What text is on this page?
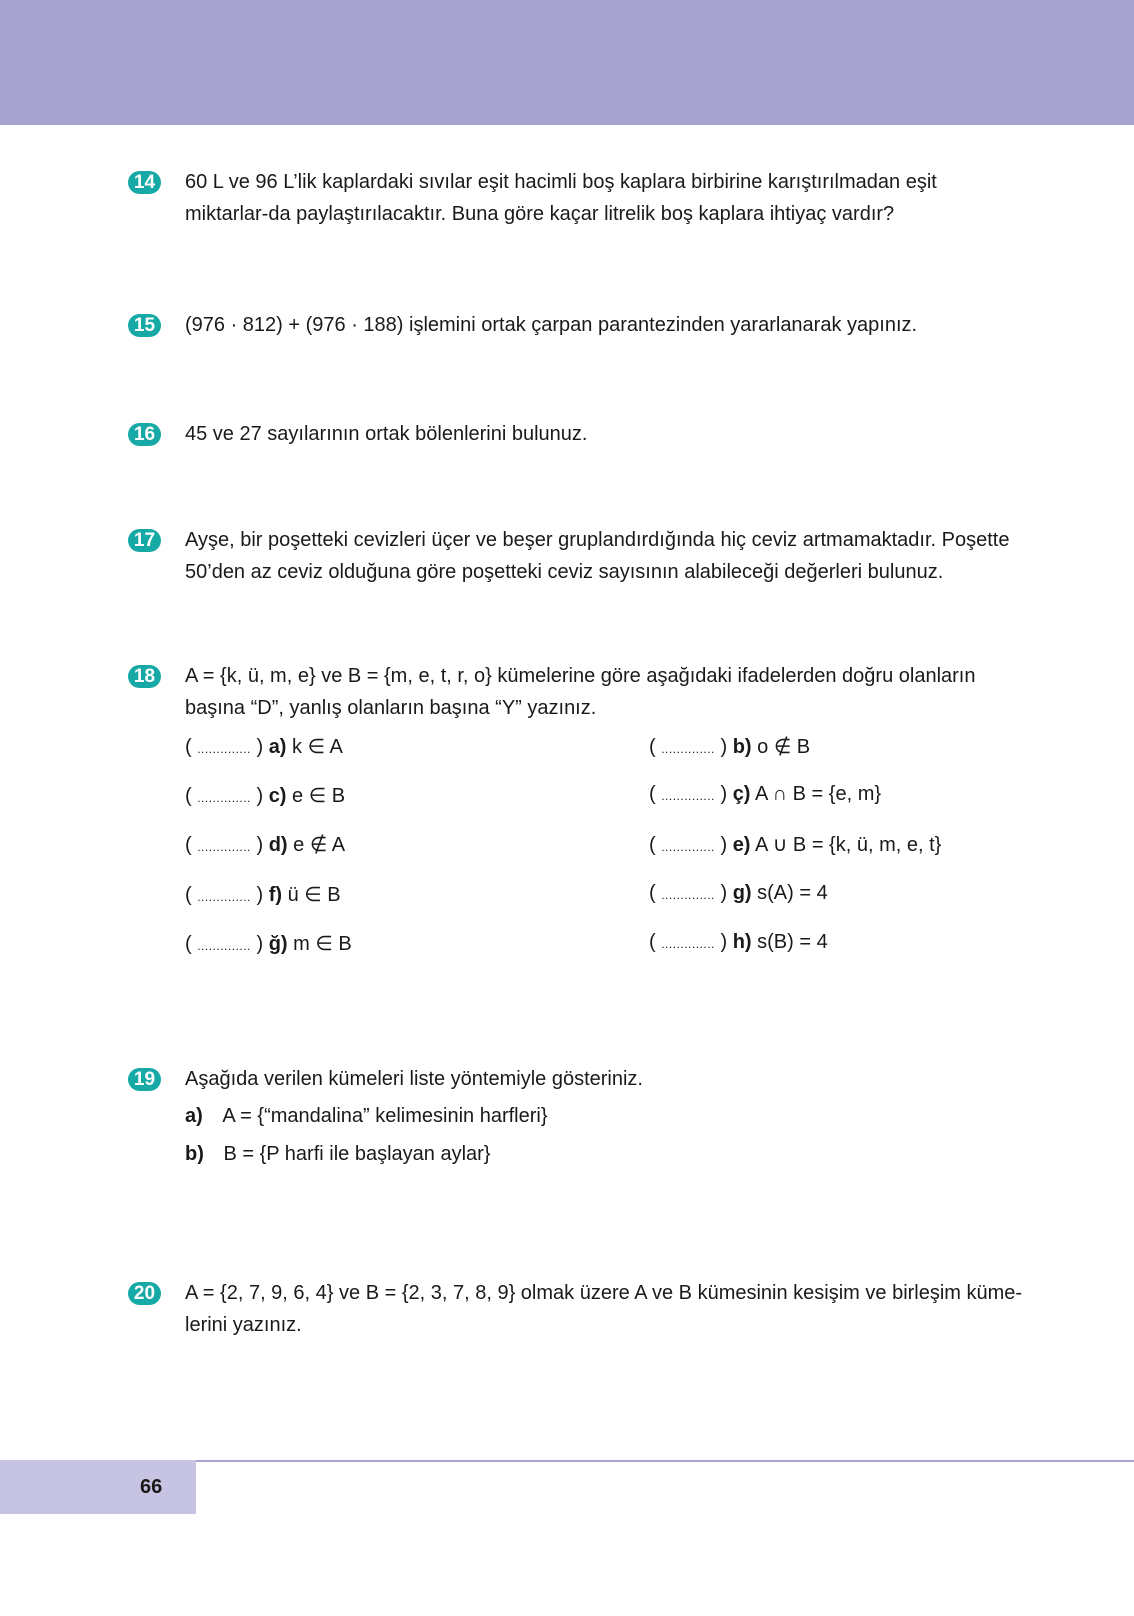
14 60 L ve 96 L’lik kaplardaki sıvılar eşit hacimli boş kaplara birbirine karıştırılmadan eşit miktarlar-da paylaştırılacaktır. Buna göre kaçar litrelik boş kaplara ihtiyaç vardır?
15 (976 · 812) + (976 · 188) işlemini ortak çarpan parantezinden yararlanarak yapınız.
16 45 ve 27 sayılarının ortak bölenlerini bulunuz.
17 Ayşe, bir poşetteki cevizleri üçer ve beşer gruplandırdığında hiç ceviz artmamaktadır. Poşette 50’den az ceviz olduğuna göre poşetteki ceviz sayısının alabileceği değerleri bulunuz.
18 A = {k, ü, m, e} ve B = {m, e, t, r, o} kümelerine göre aşağıdaki ifadelerden doğru olanların başına “D”, yanlış olanların başına “Y” yazınız.
( .............. ) a) k ∈ A	( .............. ) b) o ∉ B
( .............. ) c) e ∈ B	( .............. ) ç) A ∩ B = {e, m}
( .............. ) d) e ∉ A	( .............. ) e) A ∪ B = {k, ü, m, e, t}
( .............. ) f) ü ∈ B	( .............. ) g) s(A) = 4
( .............. ) ğ) m ∈ B	( .............. ) h) s(B) = 4
19 Aşağıda verilen kümeleri liste yöntemiyle gösteriniz.
a) A = {“mandalina” kelimesinin harfleri}
b) B = {P harfi ile başlayan aylar}
20 A = {2, 7, 9, 6, 4} ve B = {2, 3, 7, 8, 9} olmak üzere A ve B kümesinin kesişim ve birleşim küme-lerini yazınız.
66
